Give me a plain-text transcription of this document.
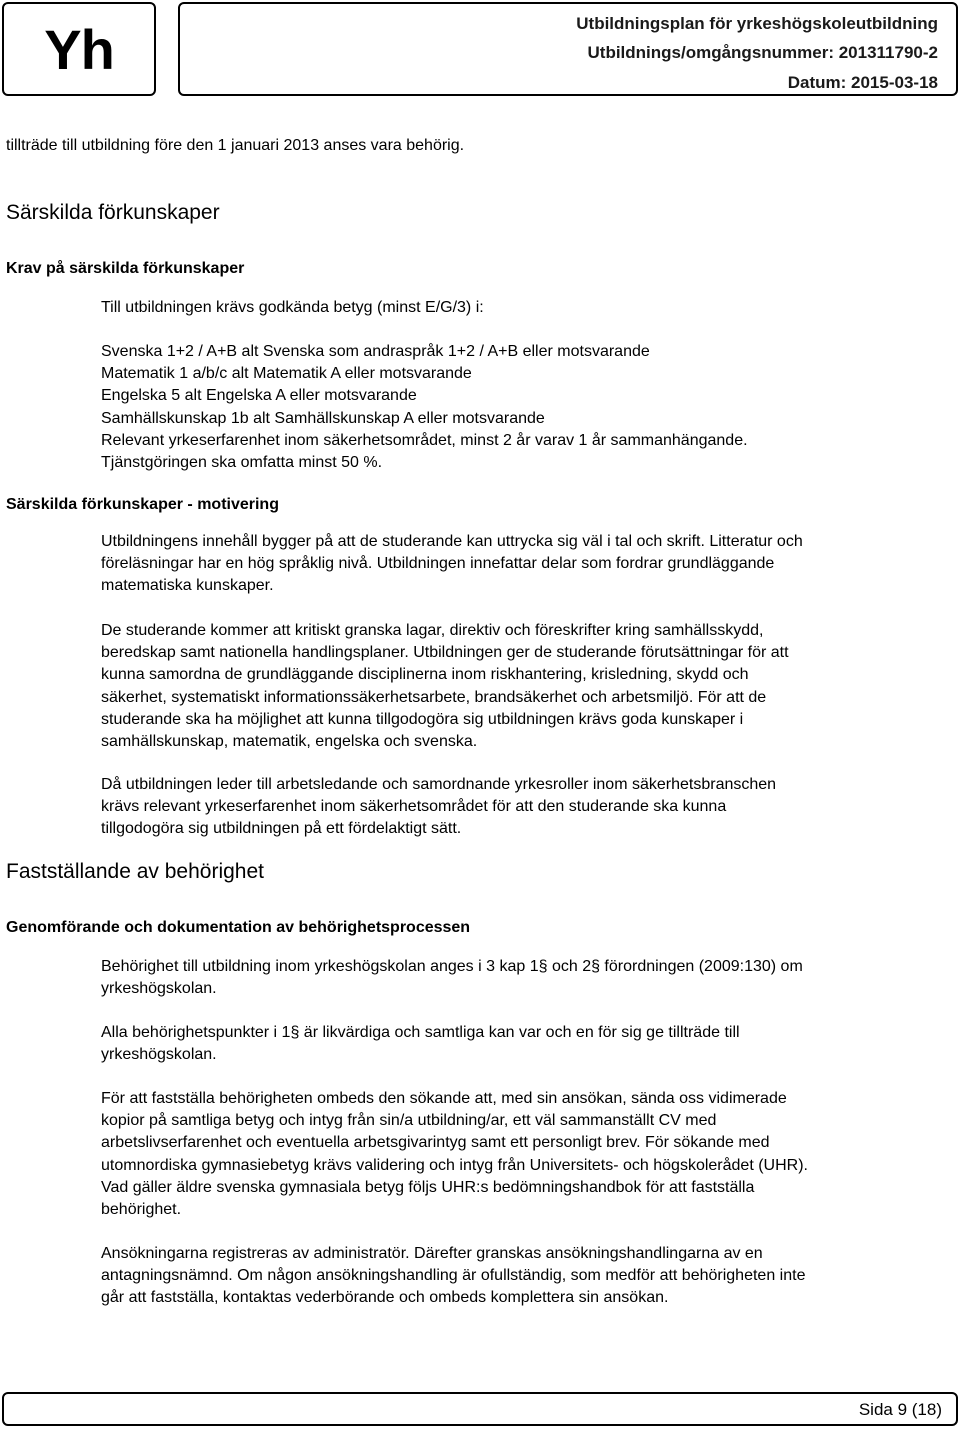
Yh	Utbildningsplan för yrkeshögskoleutbildning
Utbildnings/omgångsnummer: 201311790-2
Datum: 2015-03-18
tillträde till utbildning före den 1 januari 2013 anses vara behörig.
Särskilda förkunskaper
Krav på särskilda förkunskaper
Till utbildningen krävs godkända betyg (minst E/G/3) i:
Svenska 1+2 / A+B alt Svenska som andraspråk 1+2 / A+B eller motsvarande
Matematik 1 a/b/c alt Matematik A eller motsvarande
Engelska 5 alt Engelska A eller motsvarande
Samhällskunskap 1b alt Samhällskunskap A eller motsvarande
Relevant yrkeserfarenhet inom säkerhetsområdet, minst 2 år varav 1 år sammanhängande.
Tjänstgöringen ska omfatta minst 50 %.
Särskilda förkunskaper - motivering
Utbildningens innehåll bygger på att de studerande kan uttrycka sig väl i tal och skrift. Litteratur och
föreläsningar har en hög språklig nivå. Utbildningen innefattar delar som fordrar grundläggande
matematiska kunskaper.
De studerande kommer att kritiskt granska lagar, direktiv och föreskrifter kring samhällsskydd,
beredskap samt nationella handlingsplaner. Utbildningen ger de studerande förutsättningar för att
kunna samordna de grundläggande disciplinerna inom riskhantering, krisledning, skydd och
säkerhet, systematiskt informationssäkerhetsarbete, brandsäkerhet och arbetsmiljö. För att de
studerande ska ha möjlighet att kunna tillgodogöra sig utbildningen krävs goda kunskaper i
samhällskunskap, matematik, engelska och svenska.
Då utbildningen leder till arbetsledande och samordnande yrkesroller inom säkerhetsbranschen
krävs relevant yrkeserfarenhet inom säkerhetsområdet för att den studerande ska kunna
tillgodogöra sig utbildningen på ett fördelaktigt sätt.
Fastställande av behörighet
Genomförande och dokumentation av behörighetsprocessen
Behörighet till utbildning inom yrkeshögskolan anges i 3 kap 1§ och 2§ förordningen (2009:130) om
yrkeshögskolan.
Alla behörighetspunkter i 1§ är likvärdiga och samtliga kan var och en för sig ge tillträde till
yrkeshögskolan.
För att fastställa behörigheten ombeds den sökande att, med sin ansökan, sända oss vidimerade
kopior på samtliga betyg och intyg från sin/a utbildning/ar, ett väl sammanställt CV med
arbetslivserfarenhet och eventuella arbetsgivarintyg samt ett personligt brev. För sökande med
utomnordiska gymnasiebetyg krävs validering och intyg från Universitets- och högskolerådet (UHR).
Vad gäller äldre svenska gymnasiala betyg följs UHR:s bedömningshandbok för att fastställa
behörighet.
Ansökningarna registreras av administratör. Därefter granskas ansökningshandlingarna av en
antagningsnämnd. Om någon ansökningshandling är ofullständig, som medför att behörigheten inte
går att fastställa, kontaktas vederbörande och ombeds komplettera sin ansökan.
Sida 9 (18)
